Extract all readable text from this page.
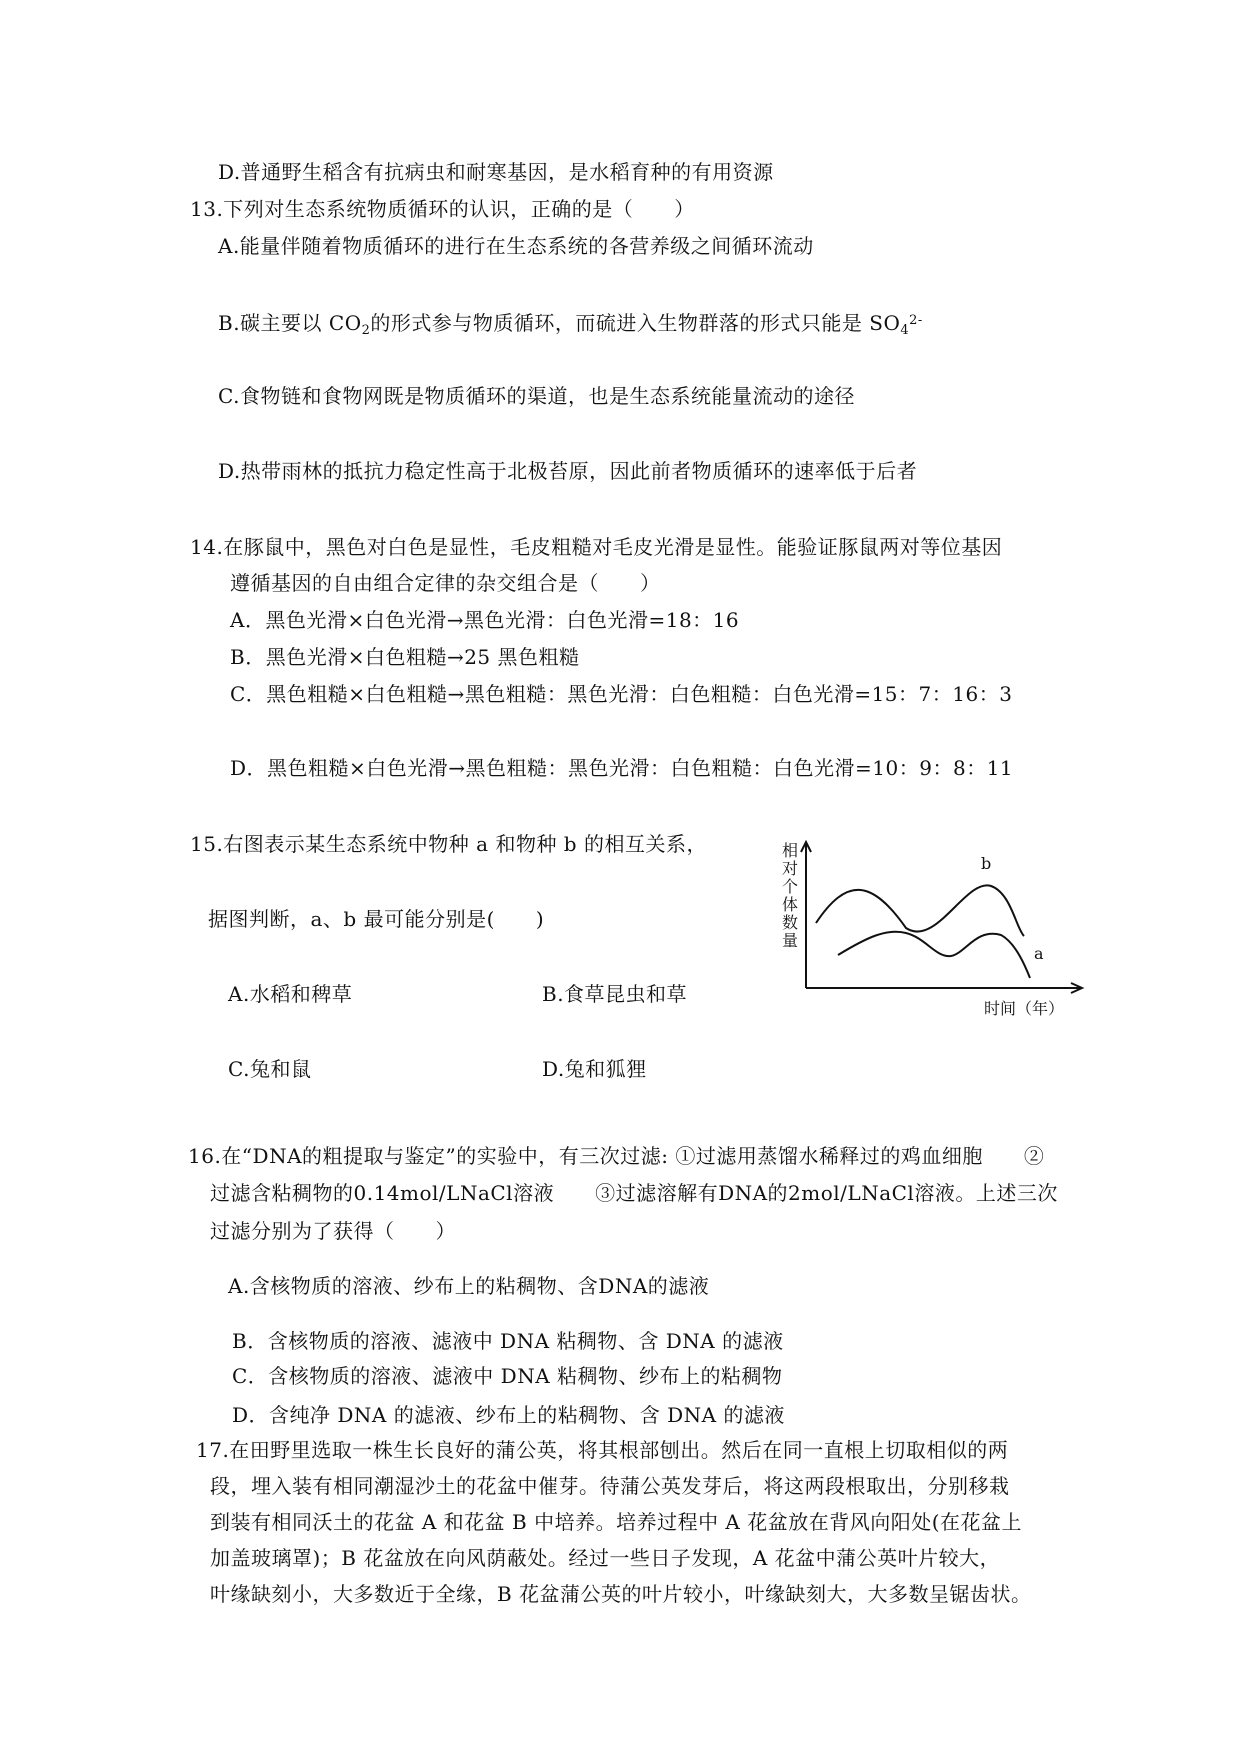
D.普通野生稻含有抗病虫和耐寒基因，是水稻育种的有用资源
13.下列对生态系统物质循环的认识，正确的是（　　）
A.能量伴随着物质循环的进行在生态系统的各营养级之间循环流动
B.碳主要以 $CO_2$的形式参与物质循环，而硫进入生物群落的形式只能是 $SO_4^{2-}$
C.食物链和食物网既是物质循环的渠道，也是生态系统能量流动的途径
D.热带雨林的抵抗力稳定性高于北极苔原，因此前者物质循环的速率低于后者
14.在豚鼠中，黑色对白色是显性，毛皮粗糙对毛皮光滑是显性。能验证豚鼠两对等位基因
遵循基因的自由组合定律的杂交组合是（　　）
A．黑色光滑×白色光滑→黑色光滑：白色光滑=18：16
B．黑色光滑×白色粗糙→25 黑色粗糙
C．黑色粗糙×白色粗糙→黑色粗糙：黑色光滑：白色粗糙：白色光滑=15：7：16：3
D．黑色粗糙×白色光滑→黑色粗糙：黑色光滑：白色粗糙：白色光滑=10：9：8：11
15.右图表示某生态系统中物种 a 和物种 b 的相互关系，
据图判断，a、b 最可能分别是(　　)
A.水稻和稗草	B.食草昆虫和草
C.兔和鼠	D.兔和狐狸
相
对
个
体
数
量
b
a
时间（年）
16.在“DNA的粗提取与鉴定”的实验中，有三次过滤: ①过滤用蒸馏水稀释过的鸡血细胞　　②
过滤含粘稠物的0.14mol/LNaCl溶液　　③过滤溶解有DNA的2mol/LNaCl溶液。上述三次
过滤分别为了获得（　　）
A.含核物质的溶液、纱布上的粘稠物、含DNA的滤液
B．含核物质的溶液、滤液中 DNA 粘稠物、含 DNA 的滤液
C．含核物质的溶液、滤液中 DNA 粘稠物、纱布上的粘稠物
D．含纯净 DNA 的滤液、纱布上的粘稠物、含 DNA 的滤液
17.在田野里选取一株生长良好的蒲公英，将其根部刨出。然后在同一直根上切取相似的两
段，埋入装有相同潮湿沙土的花盆中催芽。待蒲公英发芽后，将这两段根取出，分别移栽
到装有相同沃土的花盆 A 和花盆 B 中培养。培养过程中 A 花盆放在背风向阳处(在花盆上
加盖玻璃罩)；B 花盆放在向风荫蔽处。经过一些日子发现，A 花盆中蒲公英叶片较大，
叶缘缺刻小，大多数近于全缘，B 花盆蒲公英的叶片较小，叶缘缺刻大，大多数呈锯齿状。
